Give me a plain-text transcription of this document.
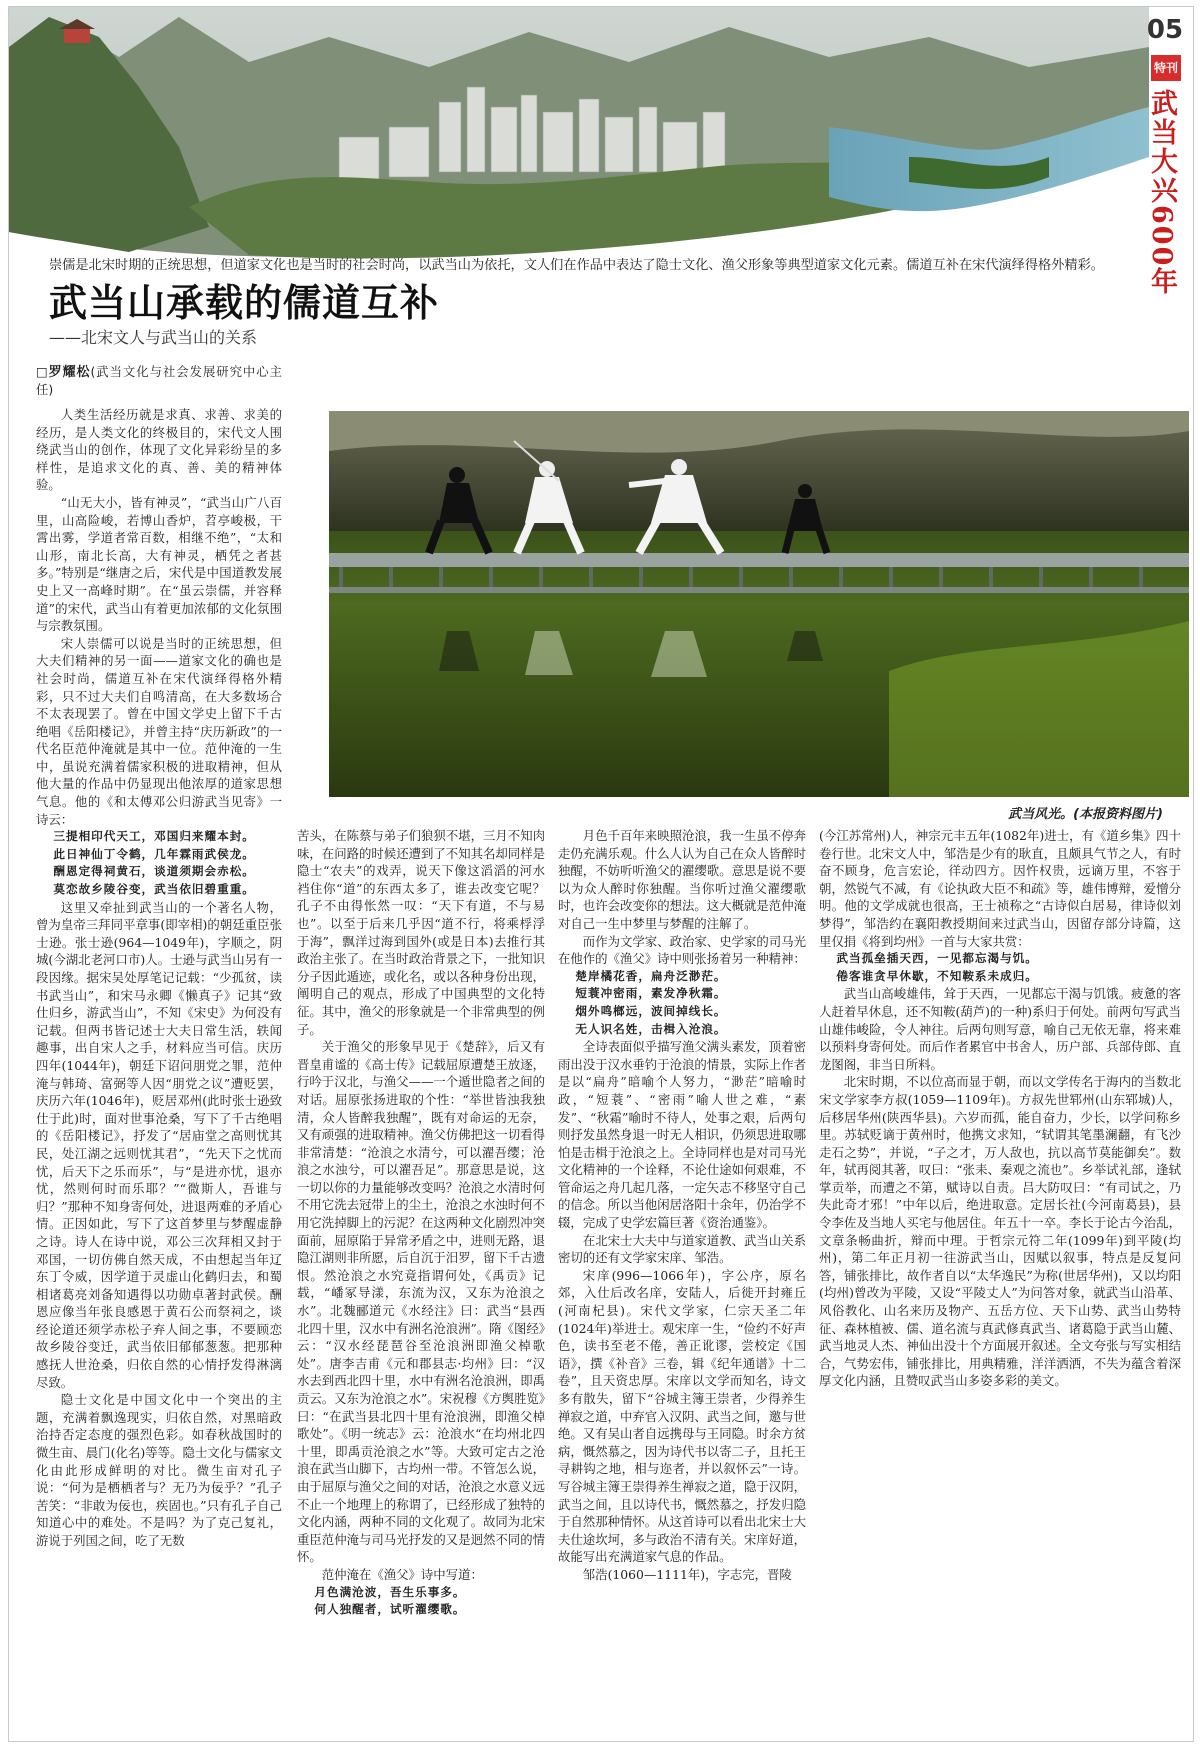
05
特刊
武当大兴600年
崇儒是北宋时期的正统思想，但道家文化也是当时的社会时尚，以武当山为依托，文人们在作品中表达了隐士文化、渔父形象等典型道家文化元素。儒道互补在宋代演绎得格外精彩。
武当山承载的儒道互补
——北宋文人与武当山的关系
□罗耀松(武当文化与社会发展研究中心主任)

人类生活经历就是求真、求善、求美的经历，是人类文化的终极目的，宋代文人围绕武当山的创作，体现了文化异彩纷呈的多样性，是追求文化的真、善、美的精神体验。

“山无大小，皆有神灵”，“武当山广八百里，山高险峻，若博山香炉，苕亭峻极，干霄出雾，学道者常百数，相继不绝”，“太和山形，南北长高，大有神灵，栖凭之者甚多。”特别是“继唐之后，宋代是中国道教发展史上又一高峰时期”。在“虽云崇儒，并容释道”的宋代，武当山有着更加浓郁的文化氛围与宗教氛围。

宋人崇儒可以说是当时的正统思想，但大夫们精神的另一面——道家文化的确也是社会时尚，儒道互补在宋代演绎得格外精彩，只不过大夫们自鸣清高，在大多数场合不太表现罢了。曾在中国文学史上留下千古绝唱《岳阳楼记》，并曾主持“庆历新政”的一代名臣范仲淹就是其中一位。范仲淹的一生中，虽说充满着儒家积极的进取精神，但从他大量的作品中仍显现出他浓厚的道家思想气息。他的《和太傅邓公归游武当见寄》一诗云：

三提相印代天工，邓国归来耀本封。

此日神仙丁令鹤，几年霖雨武侯龙。

酬恩定得祠黄石，谈道须期会赤松。

莫恋故乡陵谷变，武当依旧碧重重。

这里又牵扯到武当山的一个著名人物，曾为皇帝三拜同平章事(即宰相)的朝廷重臣张士逊。张士逊(964—1049年)，字顺之，阴城(今湖北老河口市)人。士逊与武当山另有一段因缘。据宋吴处厚笔记记载：“少孤贫，读书武当山”，和宋马永卿《懒真子》记其“致仕归乡，游武当山”，不知《宋史》为何没有记载。但两书皆记述士大夫日常生活，轶闻趣事，出自宋人之手，材料应当可信。庆历四年(1044年)，朝廷下诏问朋党之罪，范仲淹与韩琦、富弼等人因“朋党之议”遭贬罢，庆历六年(1046年)，贬居邓州(此时张士逊致仕于此)时，面对世事沧桑，写下了千古绝唱的《岳阳楼记》，抒发了“居庙堂之高则忧其民，处江湖之远则忧其君”，“先天下之忧而忧，后天下之乐而乐”，与“是进亦忧，退亦忧，然则何时而乐耶？”“微斯人，吾谁与归？”那种不知身寄何处，进退两难的矛盾心情。正因如此，写下了这首梦里与梦醒虚静之诗。诗人在诗中说，邓公三次拜相又封于邓国，一切仿佛自然天成，不由想起当年辽东丁令威，因学道于灵虚山化鹤归去，和蜀相诸葛亮刘备知遇得以功勋卓著封武侯。酬恩应像当年张良感恩于黄石公而祭祠之，谈经论道还须学赤松子弃人间之事，不要顾恋故乡陵谷变迁，武当依旧郁郁葱葱。把那种感抚人世沧桑，归依自然的心情抒发得淋漓尽致。

隐士文化是中国文化中一个突出的主题，充满着飘逸现实，归依自然，对黑暗政治持否定态度的强烈色彩。如春秋战国时的微生亩、晨门(化名)等等。隐士文化与儒家文化由此形成鲜明的对比。微生亩对孔子说：“何为是栖栖者与？无乃为佞乎？”孔子苦笑：“非敢为佞也，疾固也。”只有孔子自己知道心中的难处。不是吗？为了克己复礼，游说于列国之间，吃了无数

武当风光。(本报资料图片)

苦头，在陈蔡与弟子们狼狈不堪，三月不知肉味，在问路的时候还遭到了不知其名却同样是隐士“农夫”的戏弄，说天下像这滔滔的河水裆住你“道”的东西太多了，谁去改变它呢？孔子不由得怅然一叹：“天下有道，不与易也”。以至于后来几乎因“道不行，将乘桴浮于海”，飘洋过海到国外(或是日本)去推行其政治主张了。在当时政治背景之下，一批知识分子因此遁迹，或化名，或以各种身份出现，阐明自己的观点，形成了中国典型的文化特征。其中，渔父的形象就是一个非常典型的例子。

关于渔父的形象早见于《楚辞》，后又有晋皇甫谧的《高士传》记载屈原遭楚王放逐，行吟于汉北，与渔父——一个遁世隐者之间的对话。屈原张扬进取的个性：“举世皆浊我独清，众人皆醉我独醒”，既有对命运的无奈，又有顽强的进取精神。渔父仿佛把这一切看得非常清楚：“沧浪之水清兮，可以濯吾缨；沧浪之水浊兮，可以濯吾足”。那意思是说，这一切以你的力量能够改变吗？沧浪之水清时何不用它洗去冠带上的尘土，沧浪之水浊时何不用它洗掉脚上的污泥？在这两种文化剧烈冲突面前，屈原陷于异常矛盾之中，进则无路，退隐江湖则非所愿，后自沉于汨罗，留下千古遗恨。然沧浪之水究竟指谓何处，《禹贡》记载，“嶓冢导漾，东流为汉，又东为沧浪之水”。北魏郦道元《水经注》曰：武当“县西北四十里，汉水中有洲名沧浪洲”。隋《图经》云：“汉水经琵琶谷至沧浪洲即渔父棹歌处”。唐李吉甫《元和郡县志·均州》曰：“汉水去到西北四十里，水中有洲名沧浪洲，即禹贡云。又东为沧浪之水”。宋祝穆《方舆胜览》曰：“在武当县北四十里有沧浪洲，即渔父棹歌处”。《明一统志》云：沧浪水“在均州北四十里，即禹贡沧浪之水”等。大致可定古之沧浪在武当山脚下，古均州一带。不管怎么说，由于屈原与渔父之间的对话，沧浪之水意义远不止一个地理上的称谓了，已经形成了独特的文化内涵，两种不同的文化观了。故同为北宋重臣范仲淹与司马光抒发的又是迥然不同的情怀。

范仲淹在《渔父》诗中写道：

月色满沧波，吾生乐事多。

何人独醒者，试听濯缨歌。

月色千百年来映照沧浪，我一生虽不停奔走仍充满乐观。什么人认为自己在众人皆醉时独醒，不妨听听渔父的濯缨歌。意思是说不要以为众人醉时你独醒。当你听过渔父濯缨歌时，也许会改变你的想法。这大概就是范仲淹对自己一生中梦里与梦醒的注解了。

而作为文学家、政治家、史学家的司马光在他作的《渔父》诗中则张扬着另一种精神：

楚岸橘花香，扁舟泛渺茫。

短蓑冲密雨，素发净秋霜。

烟外鸣榔远，波间掉线长。

无人识名姓，击楫入沧浪。

全诗表面似乎描写渔父满头素发，顶着密雨出没于汉水垂钓于沧浪的情景，实际上作者是以“扁舟”暗喻个人努力，“渺茫”暗喻时政，“短蓑”、“密雨”喻人世之难，“素发”、“秋霜”喻时不待人，处事之艰，后两句则抒发虽然身退一时无人相识，仍须思进取哪怕是击楫于沧浪之上。全诗同样也是对司马光文化精神的一个诠释，不论仕途如何艰难，不管命运之舟几起几落，一定矢志不移坚守自己的信念。所以当他闲居洛阳十余年，仍治学不辍，完成了史学宏篇巨著《资治通鉴》。

在北宋士大夫中与道家道教、武当山关系密切的还有文学家宋庠、邹浩。

宋庠(996—1066年)，字公序，原名郊，入仕后改名庠，安陆人，后徙开封雍丘(河南杞县)。宋代文学家，仁宗天圣二年(1024年)举进士。观宋庠一生，“俭约不好声色，读书至老不倦，善正讹谬，尝校定《国语》，撰《补音》三卷，辑《纪年通谱》十二卷”，且天资忠厚。宋庠以文学而知名，诗文多有散失，留下“谷城主簿王崇者，少得养生禅寂之道，中弃官入汉阴、武当之间，邀与世绝。又有吴山者自远携母与王同隐。时余方贫病，慨然慕之，因为诗代书以寄二子，且托王寻耕钩之地，相与迩者，并以叙怀云”一诗。写谷城主簿王崇得养生禅寂之道，隐于汉阴，武当之间，且以诗代书，慨然慕之，抒发归隐于自然那种情怀。从这首诗可以看出北宋士大夫仕途坎坷，多与政治不清有关。宋庠好道，故能写出充满道家气息的作品。

邹浩(1060—1111年)，字志完，晋陵

(今江苏常州)人，神宗元丰五年(1082年)进士，有《道乡集》四十卷行世。北宋文人中，邹浩是少有的耿直，且颇具气节之人，有时奋不顾身，危言宏论，徉动四方。因忤权贵，远谪万里，不容于朝，然锐气不减，有《论执政大臣不和疏》等，雄伟博辩，爱憎分明。他的文学成就也很高，王士祯称之“古诗似白居易，律诗似刘梦得”，邹浩约在襄阳教授期间来过武当山，因留存部分诗篇，这里仅捐《将到均州》一首与大家共赏：

武当孤垒插天西，一见都忘渴与饥。

倦客谁贪早休歇，不知鞍系未成归。

武当山高峻雄伟，耸于天西，一见都忘干渴与饥饿。疲惫的客人赶着早休息，还不知鞍(葫芦)的一种)系归于何处。前两句写武当山雄伟峻险，令人神往。后两句则写意，喻自己无依无靠，将来难以预料身寄何处。而后作者累官中书舍人，历户部、兵部侍郎、直龙图阁，非当日所料。

北宋时期，不以位高而显于朝，而以文学传名于海内的当数北宋文学家李方叔(1059—1109年)。方叔先世郓州(山东郓城)人，后移居华州(陕西华县)。六岁而孤，能自奋力，少长，以学问称乡里。苏轼贬谪于黄州时，他携文求知，“轼谓其笔墨澜翻，有飞沙走石之势”，并说，“子之才，万人敌也，抗以高节莫能御矣”。数年，轼再阅其著，叹曰：“张耒、秦观之流也”。乡举试礼部，逢轼掌贡举，而遭之不第，赋诗以自责。吕大防叹曰：“有司试之，乃失此奇才邪！”中年以后，绝进取意。定居长社(今河南葛县)，县令李佐及当地人买宅与他居住。年五十一卒。李长于论古今治乱，文章条畅曲折，辩而中理。于哲宗元符二年(1099年)到平陵(均州)，第二年正月初一往游武当山，因赋以叙事，特点是反复问答，铺张排比，故作者自以“太华逸民”为称(世居华州)，又以均阳(均州)曾改为平陵，又设“平陵丈人”为问答对象，就武当山沿革、风俗教化、山名来历及物产、五岳方位、天下山势、武当山势特征、森林植被、儒、道名流与真武修真武当、诸葛隐于武当山麓、武当地灵人杰、神仙出没十个方面展开叙述。全文夸张与写实相结合，气势宏伟，铺张排比，用典精雅，洋洋洒洒，不失为蕴含着深厚文化内涵，且赞叹武当山多姿多彩的美文。
